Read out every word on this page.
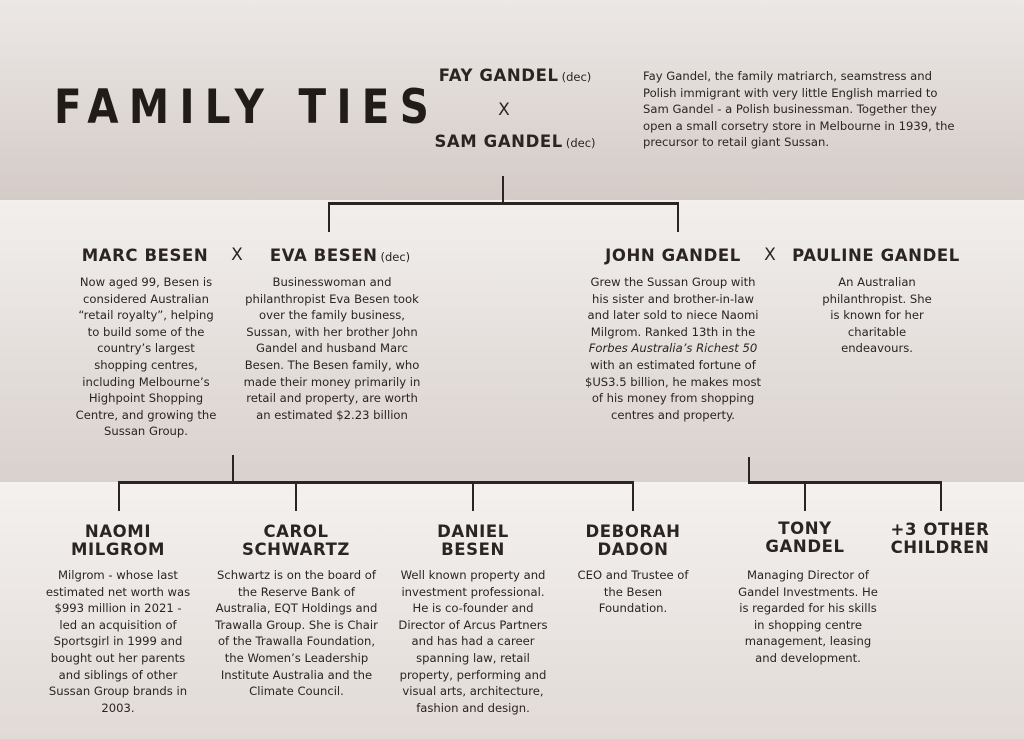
FAMILY TIES
FAY GANDEL (dec)
X
SAM GANDEL (dec)
Fay Gandel, the family matriarch, seamstress and Polish immigrant with very little English married to Sam Gandel - a Polish businessman. Together they open a small corsetry store in Melbourne in 1939, the precursor to retail giant Sussan.
MARC BESEN	X	EVA BESEN (dec)
Now aged 99, Besen is considered Australian “retail royalty”, helping to build some of the country’s largest shopping centres, including Melbourne’s Highpoint Shopping Centre, and growing the Sussan Group.
Businesswoman and philanthropist Eva Besen took over the family business, Sussan, with her brother John Gandel and husband Marc Besen. The Besen family, who made their money primarily in retail and property, are worth an estimated $2.23 billion
JOHN GANDEL	X PAULINE GANDEL
Grew the Sussan Group with his sister and brother-in-law and later sold to niece Naomi Milgrom. Ranked 13th in the Forbes Australia’s Richest 50 with an estimated fortune of $US3.5 billion, he makes most of his money from shopping centres and property.
An Australian philanthropist. She is known for her charitable endeavours.
NAOMI MILGROM
Milgrom - whose last estimated net worth was $993 million in 2021 - led an acquisition of Sportsgirl in 1999 and bought out her parents and siblings of other Sussan Group brands in 2003.
CAROL SCHWARTZ
Schwartz is on the board of the Reserve Bank of Australia, EQT Holdings and Trawalla Group. She is Chair of the Trawalla Foundation, the Women’s Leadership Institute Australia and the Climate Council.
DANIEL BESEN
Well known property and investment professional. He is co-founder and Director of Arcus Partners and has had a career spanning law, retail property, performing and visual arts, architecture, fashion and design.
DEBORAH DADON
CEO and Trustee of the Besen Foundation.
TONY GANDEL
Managing Director of Gandel Investments. He is regarded for his skills in shopping centre management, leasing and development.
+3 OTHER CHILDREN
